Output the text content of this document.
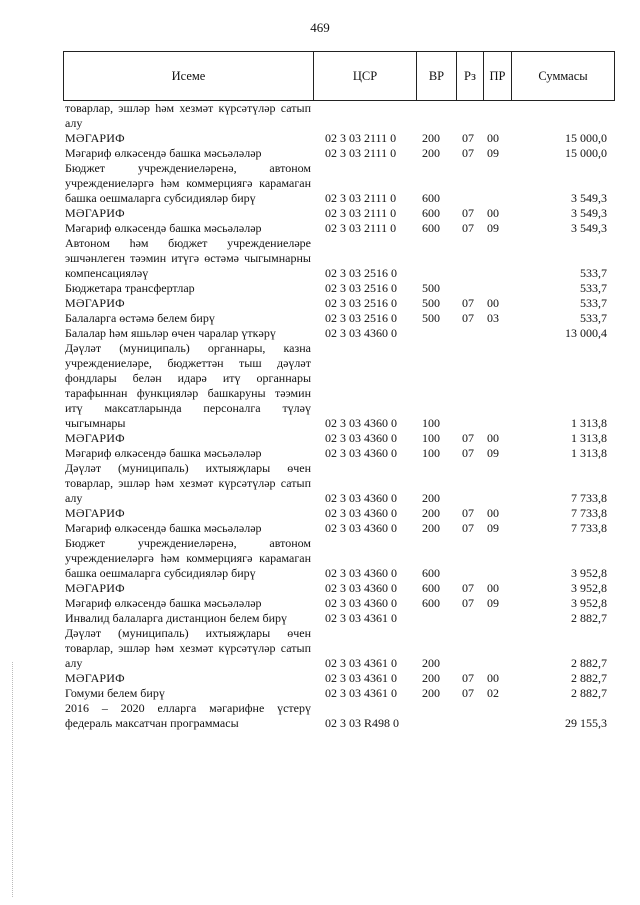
469
Исеме	ЦСР	ВР	Рз	ПР	Суммасы
товарлар, эшләр һәм хезмәт күрсәтүләр сатып алу
МӘГАРИФ	02 3 03 2111 0 200	07 00	15 000,0
Мәгариф өлкәсендә башка мәсьәләләр	02 3 03 2111 0 200	07 09	15 000,0
Бюджет учреждениеләренә, автоном учреждениеләргә һәм коммерциягә карамаган башка оешмаларга субсидияләр бирү	02 3 03 2111 0 600	3 549,3
МӘГАРИФ	02 3 03 2111 0 600	07 00	3 549,3
Мәгариф өлкәсендә башка мәсьәләләр	02 3 03 2111 0 600	07 09	3 549,3
Автоном һәм бюджет учреждениеләре эшчәнлеген тәэмин итүгә өстәмә чыгымнарны компенсацияләү	02 3 03 2516 0	533,7
Бюджетара трансфертлар	02 3 03 2516 0 500	533,7
МӘГАРИФ	02 3 03 2516 0 500	07 00	533,7
Балаларга өстәмә белем бирү	02 3 03 2516 0 500	07 03	533,7
Балалар һәм яшьләр өчен чаралар үткәрү	02 3 03 4360 0	13 000,4
Дәүләт (муниципаль) органнары, казна учреждениеләре, бюджеттән тыш дәүләт фондлары белән идарә итү органнары тарафыннан функцияләр башкаруны тәэмин итү максатларында персоналга түләү чыгымнары	02 3 03 4360 0 100	1 313,8
МӘГАРИФ	02 3 03 4360 0 100	07 00	1 313,8
Мәгариф өлкәсендә башка мәсьәләләр	02 3 03 4360 0 100	07 09	1 313,8
Дәүләт (муниципаль) ихтыяҗлары өчен товарлар, эшләр һәм хезмәт күрсәтүләр сатып алу	02 3 03 4360 0 200	7 733,8
МӘГАРИФ	02 3 03 4360 0 200	07 00	7 733,8
Мәгариф өлкәсендә башка мәсьәләләр	02 3 03 4360 0 200	07 09	7 733,8
Бюджет учреждениеләренә, автоном учреждениеләргә һәм коммерциягә карамаган башка оешмаларга субсидияләр бирү	02 3 03 4360 0 600	3 952,8
МӘГАРИФ	02 3 03 4360 0 600	07 00	3 952,8
Мәгариф өлкәсендә башка мәсьәләләр	02 3 03 4360 0 600	07 09	3 952,8
Инвалид балаларга дистанцион белем бирү	02 3 03 4361 0	2 882,7
Дәүләт (муниципаль) ихтыяҗлары өчен товарлар, эшләр һәм хезмәт күрсәтүләр сатып алу	02 3 03 4361 0 200	2 882,7
МӘГАРИФ	02 3 03 4361 0 200	07 00	2 882,7
Гомуми белем бирү	02 3 03 4361 0 200	07 02	2 882,7
2016 – 2020 елларга мәгарифне үстерү федераль максатчан программасы	02 3 03 R498 0	29 155,3
